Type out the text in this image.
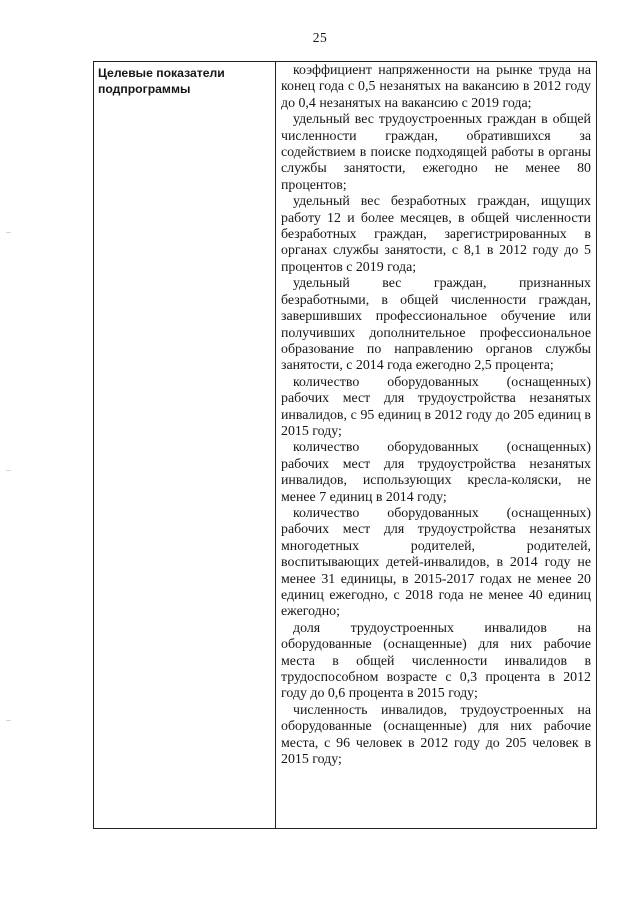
25
Целевые показатели подпрограммы

коэффициент напряженности на рынке труда на конец года с 0,5 незанятых на вакансию в 2012 году до 0,4 незанятых на вакансию с 2019 года;

удельный вес трудоустроенных граждан в общей численности граждан, обратившихся за содействием в поиске подходящей работы в органы службы занятости, ежегодно не менее 80 процентов;

удельный вес безработных граждан, ищущих работу 12 и более месяцев, в общей численности безработных граждан, зарегистрированных в органах службы занятости, с 8,1 в 2012 году до 5 процентов с 2019 года;

удельный вес граждан, признанных безработными, в общей численности граждан, завершивших профессиональное обучение или получивших дополнительное профессиональное образование по направлению органов службы занятости, с 2014 года ежегодно 2,5 процента;

количество оборудованных (оснащенных) рабочих мест для трудоустройства незанятых инвалидов, с 95 единиц в 2012 году до 205 единиц в 2015 году;

количество оборудованных (оснащенных) рабочих мест для трудоустройства незанятых инвалидов, использующих кресла-коляски, не менее 7 единиц в 2014 году;

количество оборудованных (оснащенных) рабочих мест для трудоустройства незанятых многодетных родителей, родителей, воспитывающих детей-инвалидов, в 2014 году не менее 31 единицы, в 2015-2017 годах не менее 20 единиц ежегодно, с 2018 года не менее 40 единиц ежегодно;

доля трудоустроенных инвалидов на оборудованные (оснащенные) для них рабочие места в общей численности инвалидов в трудоспособном возрасте с 0,3 процента в 2012 году до 0,6 процента в 2015 году;

численность инвалидов, трудоустроенных на оборудованные (оснащенные) для них рабочие места, с 96 человек в 2012 году до 205 человек в 2015 году;
